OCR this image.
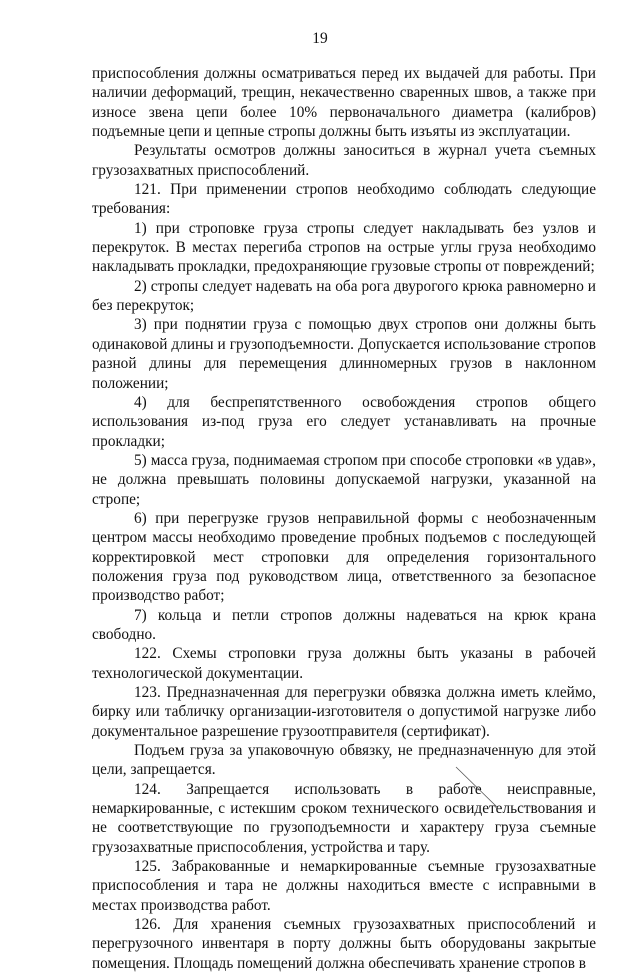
19

приспособления должны осматриваться перед их выдачей для работы. При наличии деформаций, трещин, некачественно сваренных швов, а также при износе звена цепи более 10% первоначального диаметра (калибров) подъемные цепи и цепные стропы должны быть изъяты из эксплуатации.

Результаты осмотров должны заноситься в журнал учета съемных грузозахватных приспособлений.

121. При применении стропов необходимо соблюдать следующие требования:

1) при строповке груза стропы следует накладывать без узлов и перекруток. В местах перегиба стропов на острые углы груза необходимо накладывать прокладки, предохраняющие грузовые стропы от повреждений;

2) стропы следует надевать на оба рога двурогого крюка равномерно и без перекруток;

3) при поднятии груза с помощью двух стропов они должны быть одинаковой длины и грузоподъемности. Допускается использование стропов разной длины для перемещения длинномерных грузов в наклонном положении;

4) для беспрепятственного освобождения стропов общего использования из-под груза его следует устанавливать на прочные прокладки;

5) масса груза, поднимаемая стропом при способе строповки «в удав», не должна превышать половины допускаемой нагрузки, указанной на стропе;

6) при перегрузке грузов неправильной формы с необозначенным центром массы необходимо проведение пробных подъемов с последующей корректировкой мест строповки для определения горизонтального положения груза под руководством лица, ответственного за безопасное производство работ;

7) кольца и петли стропов должны надеваться на крюк крана свободно.

122. Схемы строповки груза должны быть указаны в рабочей технологической документации.

123. Предназначенная для перегрузки обвязка должна иметь клеймо, бирку или табличку организации-изготовителя о допустимой нагрузке либо документальное разрешение грузоотправителя (сертификат).

Подъем груза за упаковочную обвязку, не предназначенную для этой цели, запрещается.

124. Запрещается использовать в работе неисправные, немаркированные, с истекшим сроком технического освидетельствования и не соответствующие по грузоподъемности и характеру груза съемные грузозахватные приспособления, устройства и тару.

125. Забракованные и немаркированные съемные грузозахватные приспособления и тара не должны находиться вместе с исправными в местах производства работ.

126. Для хранения съемных грузозахватных приспособлений и перегрузочного инвентаря в порту должны быть оборудованы закрытые помещения. Площадь помещений должна обеспечивать хранение стропов в
